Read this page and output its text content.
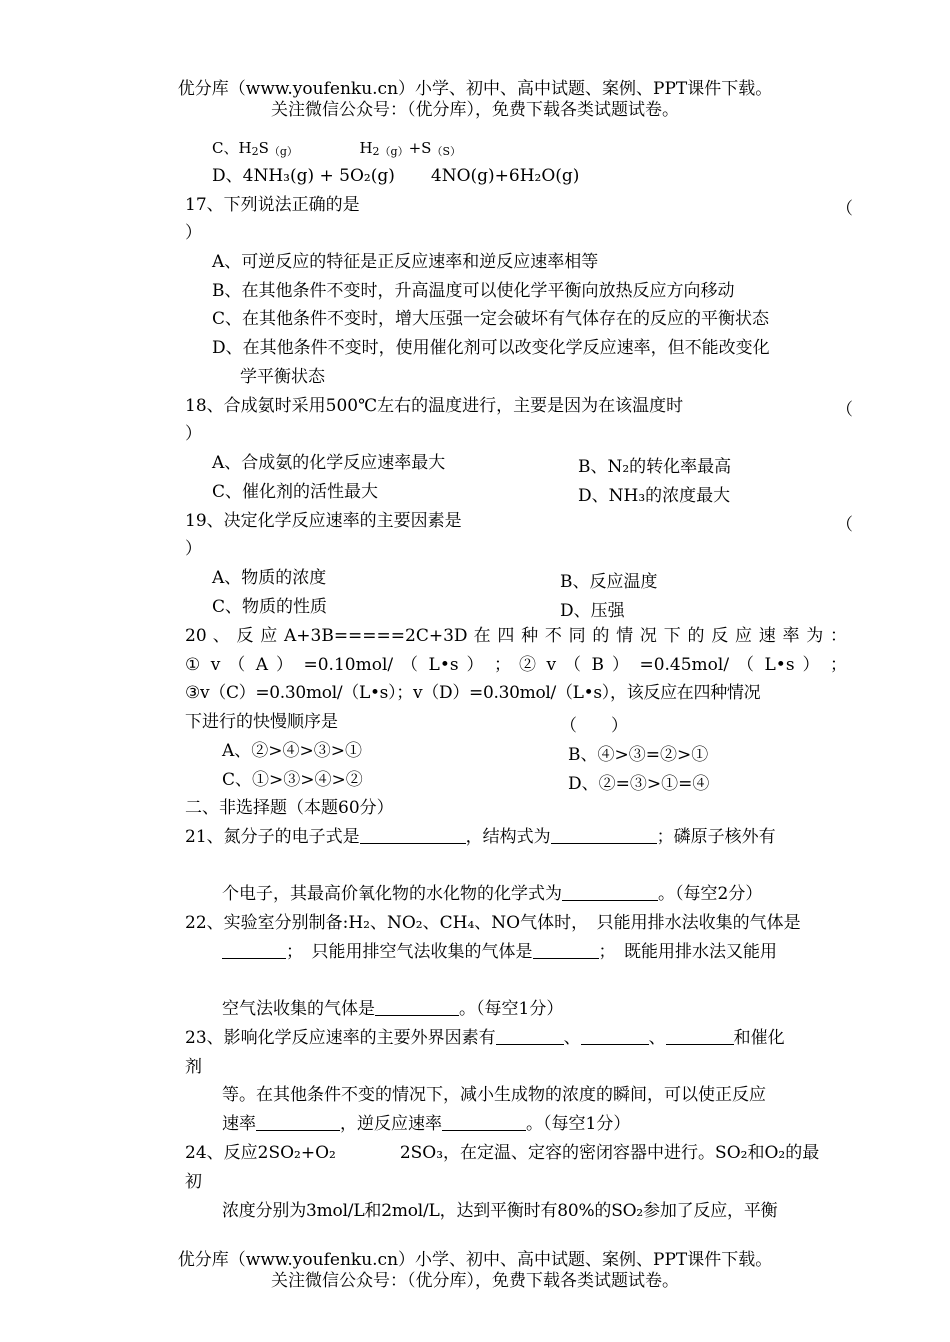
优分库（www.youfenku.cn）小学、初中、高中试题、案例、PPT课件下载。
关注微信公众号：（优分库），免费下载各类试题试卷。
C、$H_2S_{(g)}$	$H_{2(g)}+S_{(S)}$
D、4NH₃(g) + 5O₂(g) 4NO(g)+6H₂O(g)
17、下列说法正确的是	（
）
A、可逆反应的特征是正反应速率和逆反应速率相等
B、在其他条件不变时，升高温度可以使化学平衡向放热反应方向移动
C、在其他条件不变时，增大压强一定会破坏有气体存在的反应的平衡状态
D、在其他条件不变时，使用催化剂可以改变化学反应速率，但不能改变化
学平衡状态
18、合成氨时采用500℃左右的温度进行，主要是因为在该温度时	（
）
A、合成氨的化学反应速率最大	B、N₂的转化率最高
C、催化剂的活性最大	D、NH₃的浓度最大
19、决定化学反应速率的主要因素是	（
）
A、物质的浓度	B、反应温度
C、物质的性质	D、压强
20 、 反 应 A+3B=====2C+3D 在 四 种 不 同 的 情 况 下 的 反 应 速 率 为 ：
① v （ A ） =0.10mol/ （ L•s ） ； ② v （ B ） =0.45mol/ （ L•s ） ；
③v（C）=0.30mol/（L•s）；v（D）=0.30mol/（L•s），该反应在四种情况
下进行的快慢顺序是	（　　）
A、②>④>③>①	B、④>③=②>①
C、①>③>④>②	D、②=③>①=④
二、非选择题（本题60分）
21、氮分子的电子式是	，结构式为	；磷原子核外有
个电子，其最高价氧化物的水化物的化学式为	。（每空2分）
22、实验室分别制备:H₂、NO₂、CH₄、NO气体时，　只能用排水法收集的气体是
；　只能用排空气法收集的气体是	；　既能用排水法又能用
空气法收集的气体是	。（每空1分）
23、影响化学反应速率的主要外界因素有	、	、	和催化
剂
等。在其他条件不变的情况下，减小生成物的浓度的瞬间，可以使正反应
速率	，逆反应速率	。（每空1分）
24、反应2SO₂+O₂	2SO₃，在定温、定容的密闭容器中进行。SO₂和O₂的最
初
浓度分别为3mol/L和2mol/L，达到平衡时有80%的SO₂参加了反应，平衡
优分库（www.youfenku.cn）小学、初中、高中试题、案例、PPT课件下载。
关注微信公众号：（优分库），免费下载各类试题试卷。
